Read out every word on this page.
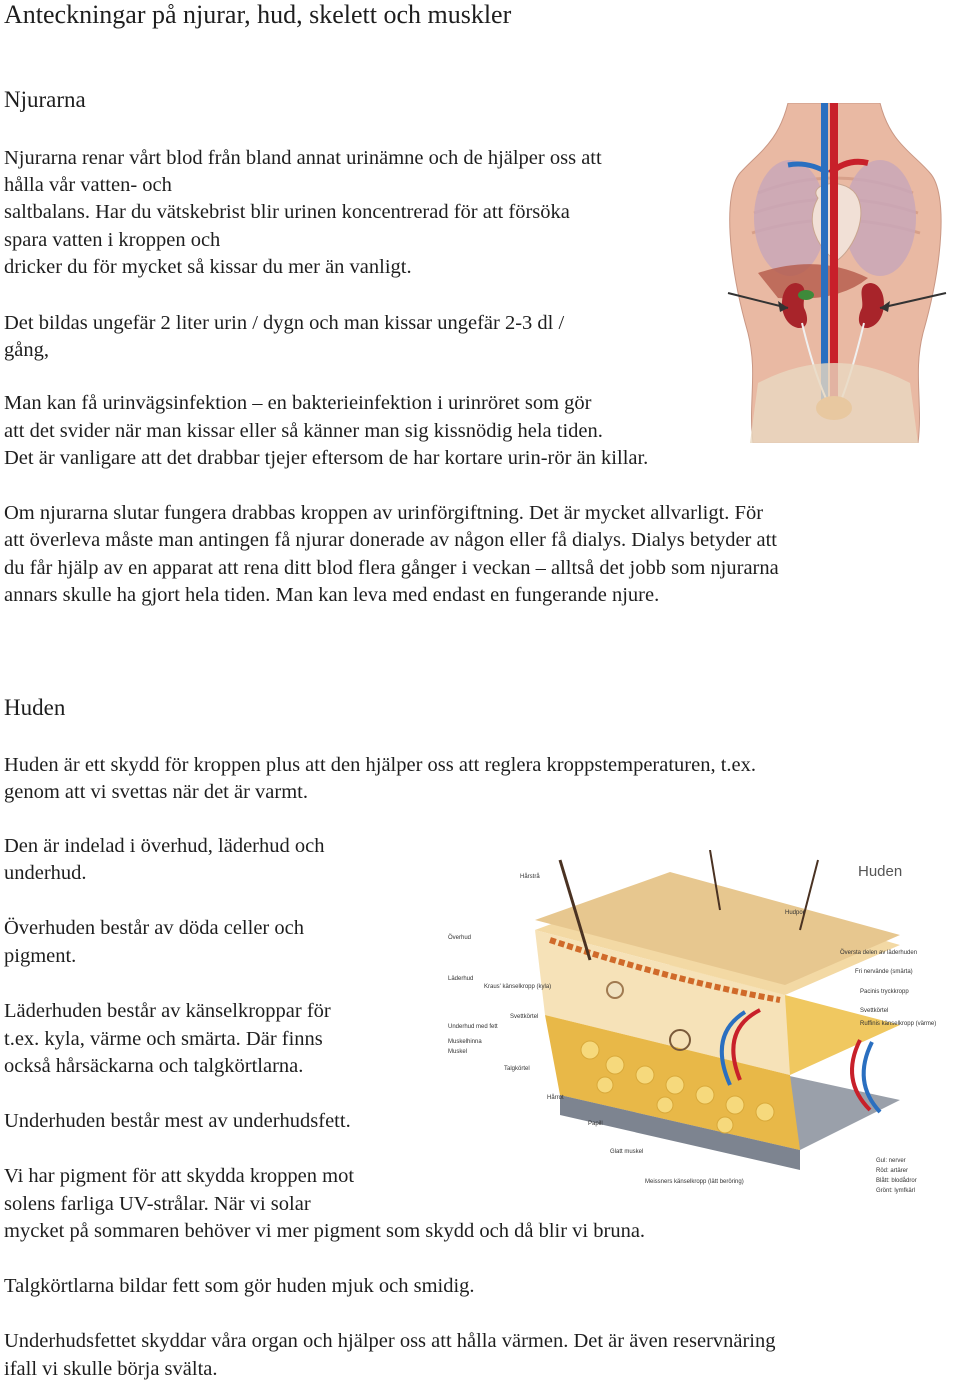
Anteckningar på njurar, hud, skelett och muskler

Njurarna

Njurarna renar vårt blod från bland annat urinämne och de hjälper oss att

hålla vår vatten- och

saltbalans. Har du vätskebrist blir urinen koncentrerad för att försöka

spara vatten i kroppen och

dricker du för mycket så kissar du mer än vanligt.

Det bildas ungefär 2 liter urin / dygn och man kissar ungefär 2-3 dl /

gång,

Man kan få urinvägsinfektion – en bakterieinfektion i urinröret som gör

att det svider när man kissar eller så känner man sig kissnödig hela tiden.

Det är vanligare att det drabbar tjejer eftersom de har kortare urin-rör än killar.

Om njurarna slutar fungera drabbas kroppen av urinförgiftning. Det är mycket allvarligt. För

att överleva måste man antingen få njurar donerade av någon eller få dialys. Dialys betyder att

du får hjälp av en apparat att rena ditt blod flera gånger i veckan – alltså det jobb som njurarna

annars skulle ha gjort hela tiden. Man kan leva med endast en fungerande njure.

Huden

Huden är ett skydd för kroppen plus att den hjälper oss att reglera kroppstemperaturen, t.ex.

genom att vi svettas när det är varmt.

Den är indelad i överhud, läderhud och

underhud.

Överhuden består av döda celler och

pigment.

Läderhuden består av känselkroppar för

t.ex. kyla, värme och smärta. Där finns

också hårsäckarna och talgkörtlarna.

Underhuden består mest av underhudsfett.

Vi har pigment för att skydda kroppen mot

solens farliga UV-strålar. När vi solar

mycket på sommaren behöver vi mer pigment som skydd och då blir vi bruna.

Talgkörtlarna bildar fett som gör huden mjuk och smidig.

Underhudsfettet skyddar våra organ och hjälper oss att hålla värmen. Det är även reservnäring

ifall vi skulle börja svälta.

Huden
Hårstrå
Överhud
Läderhud
Kraus' känselkropp (kyla)
Svettkörtel
Underhud med fett
Muskelhinna
Muskel
Talgkörtel
Hårrot
Papill
Hudpor
Översta delen av läderhuden
Fri nervände (smärta)
Pacinis tryckkropp
Ruffinis känselkropp (värme)
Svettkörtel
Glatt muskel
Meissners känselkropp (lätt beröring)
Gul: nerver
Röd: artärer
Blått: blodådror
Grönt: lymfkärl
